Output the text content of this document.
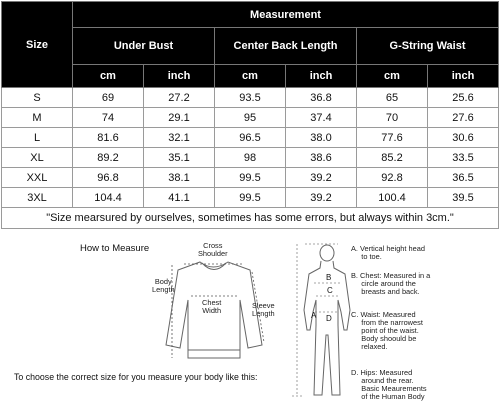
Size	Measurement					
	Under Bust		Center Back Length		G-String Waist	
	cm	inch	cm	inch	cm	inch
S	69	27.2	93.5	36.8	65	25.6
M	74	29.1	95	37.4	70	27.6
L	81.6	32.1	96.5	38.0	77.6	30.6
XL	89.2	35.1	98	38.6	85.2	33.5
XXL	96.8	38.1	99.5	39.2	92.8	36.5
3XL	104.4	41.1	99.5	39.2	100.4	39.5
"Size mearsured by ourselves, sometimes has some errors, but always within 3cm."						
B
C
A D
How to Measure	Cross
Shoulder
Body
Length
Chest
Width
Sleeve
Length
To choose the correct size for you measure your body like this:
A. Vertical height head
to toe.
B. Chest: Measured in a
circle around the
breasts and back.
C. Waist: Measured
from the narrowest
point of the waist.
Body shoould be
relaxed.
D. Hips: Measured
around the rear.
Basic Meaurements
of the Human Body
